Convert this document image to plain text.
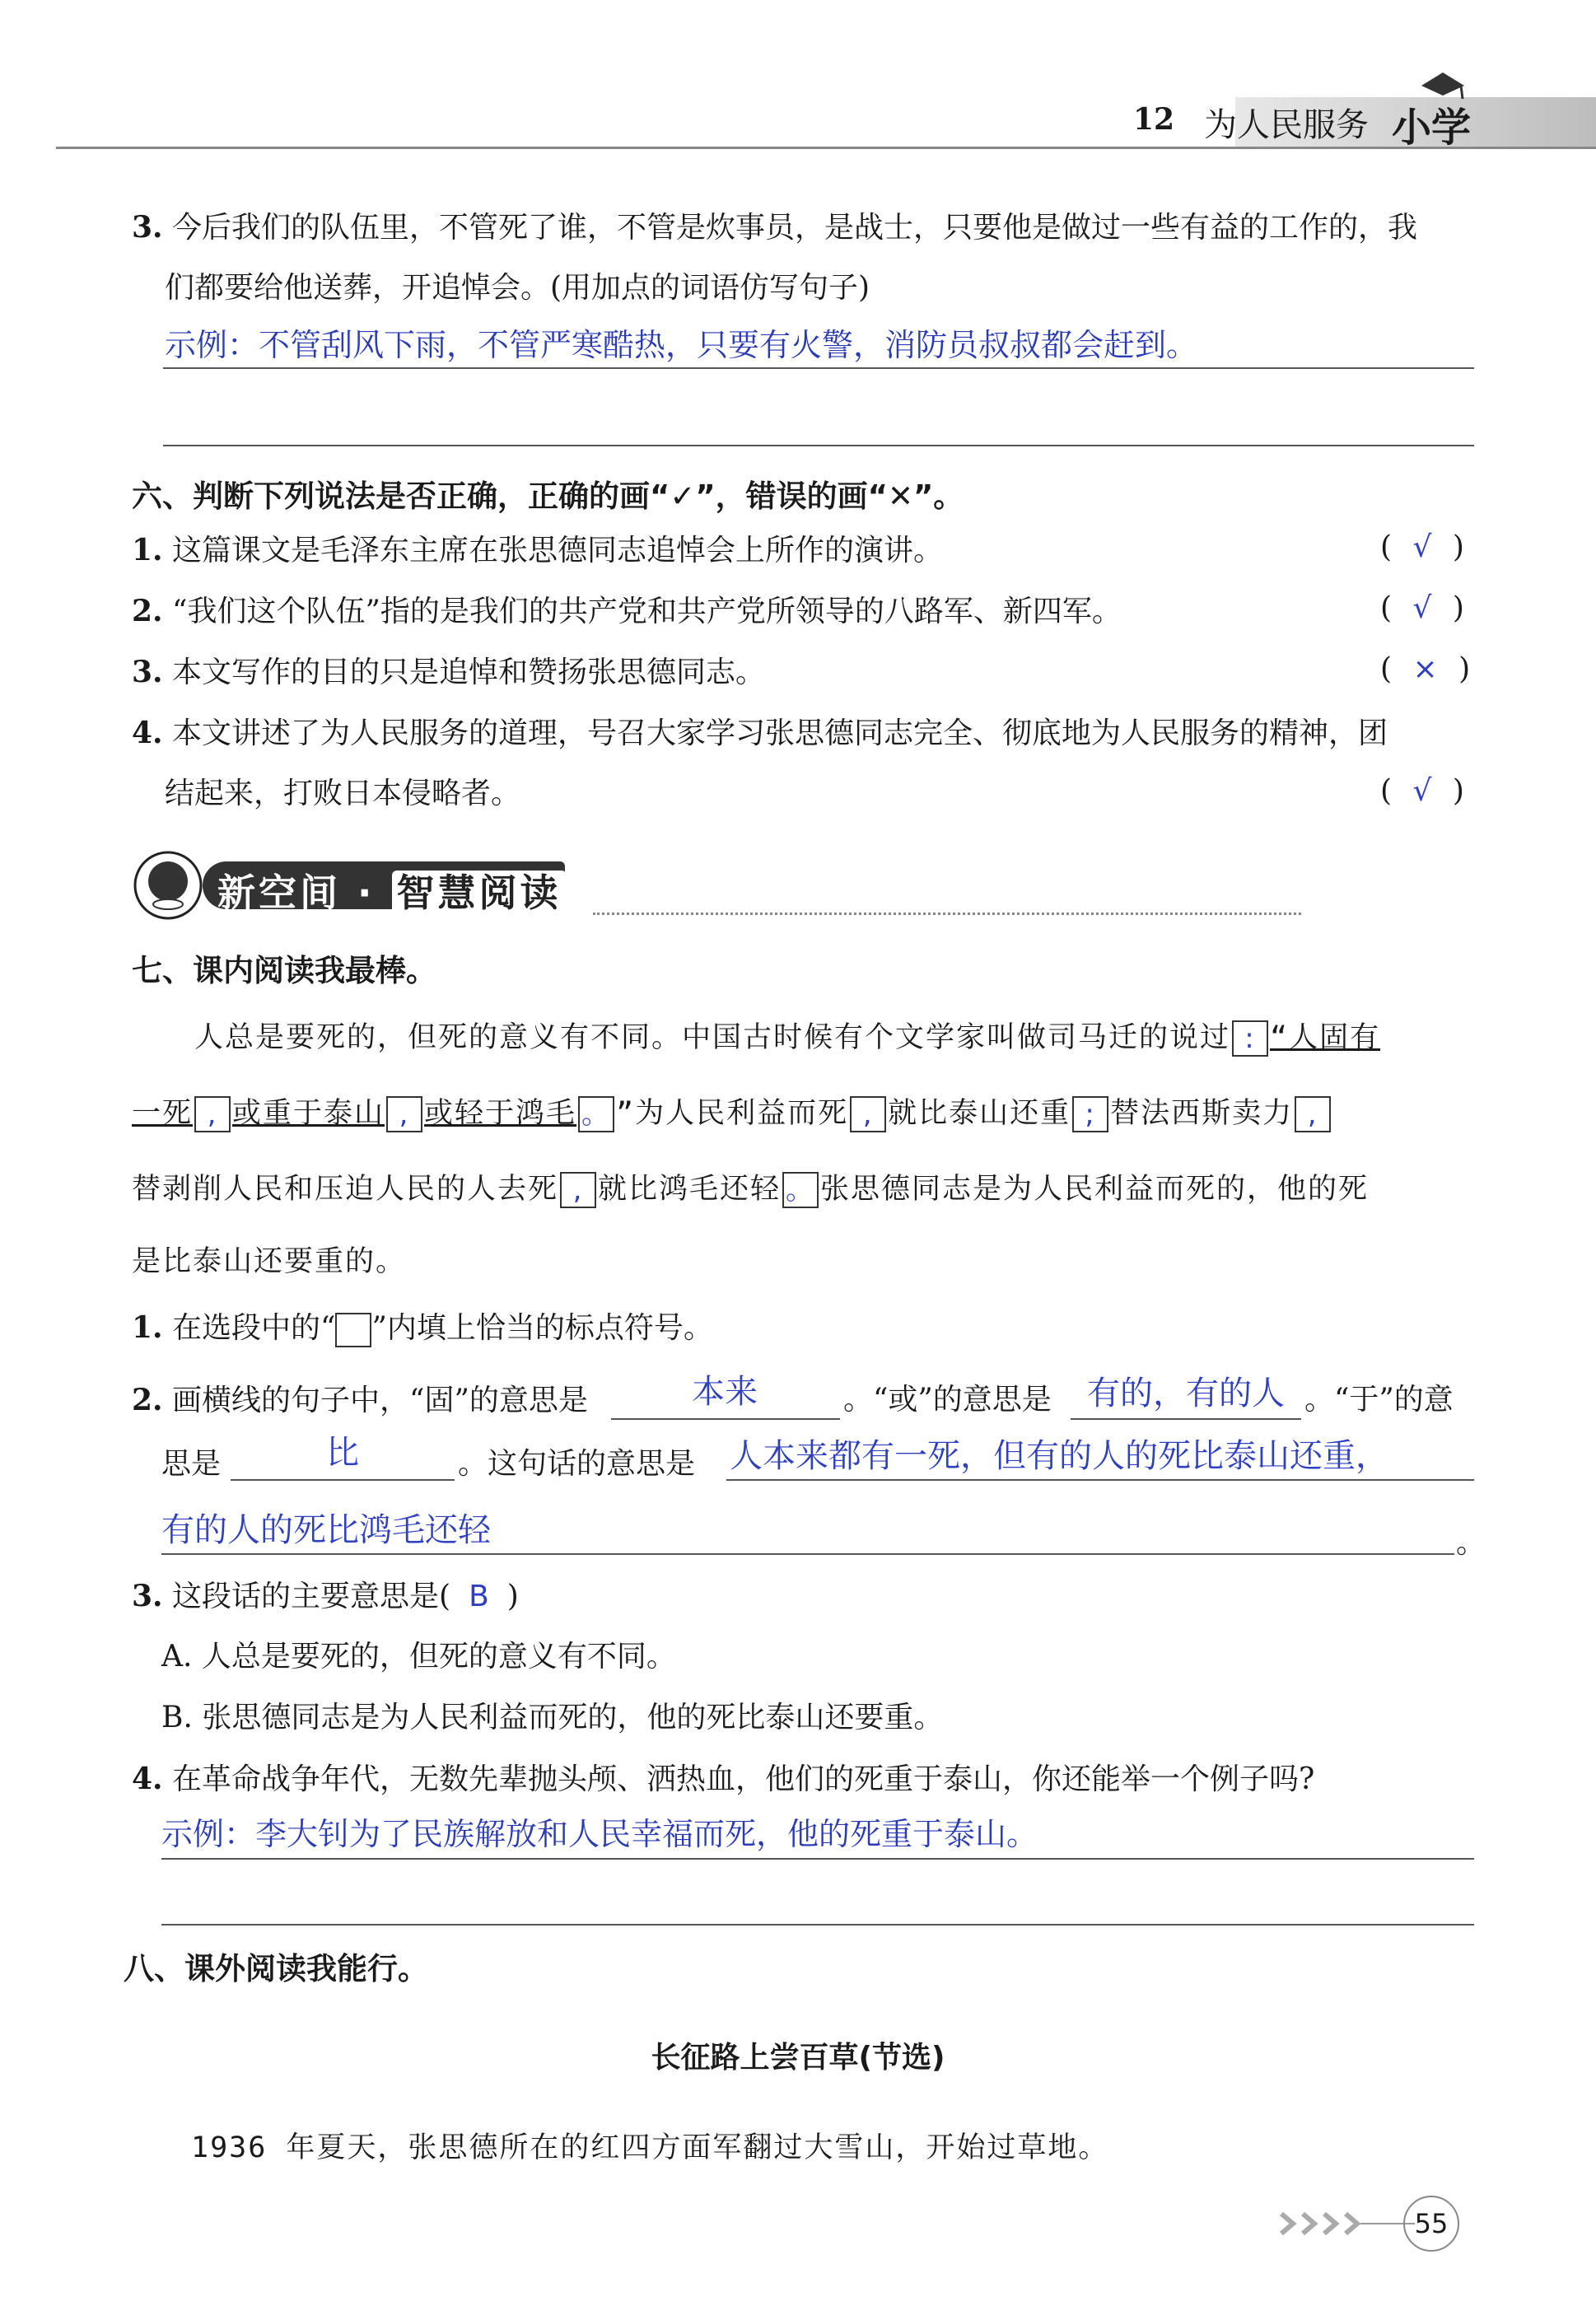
12 为人民服务 小学
3. 今后我们的队伍里，不管死了谁，不管是炊事员，是战士，只要他是做过一些有益的工作的，我
们都要给他送葬，开追悼会。(用加点的词语仿写句子)
示例：不管刮风下雨，不管严寒酷热，只要有火警，消防员叔叔都会赶到。
六、判断下列说法是否正确，正确的画“✓”，错误的画“✕”。
1. 这篇课文是毛泽东主席在张思德同志追悼会上所作的演讲。	( √ )
2. “我们这个队伍”指的是我们的共产党和共产党所领导的八路军、新四军。	( √ )
3. 本文写作的目的只是追悼和赞扬张思德同志。	( × )
4. 本文讲述了为人民服务的道理，号召大家学习张思德同志完全、彻底地为人民服务的精神，团
结起来，打败日本侵略者。	( √ )
新空间 · 智慧阅读
七、课内阅读我最棒。
人总是要死的，但死的意义有不同。中国古时候有个文学家叫做司马迁的说过 : “人固有
一死 , 或重于泰山 , 或轻于鸿毛 。 ”为人民利益而死 , 就比泰山还重 ; 替法西斯卖力 ,
替剥削人民和压迫人民的人去死 , 就比鸿毛还轻 。 张思德同志是为人民利益而死的，他的死
是比泰山还要重的。
1. 在选段中的“ ”内填上恰当的标点符号。
2. 画横线的句子中，“固”的意思是	本来	。“或”的意思是 有的，有的人 。“于”的意
思是	比	。这句话的意思是 人本来都有一死，但有的人的死比泰山还重，
有的人的死比鸿毛还轻	。
3. 这段话的主要意思是( B )
A. 人总是要死的，但死的意义有不同。
B. 张思德同志是为人民利益而死的，他的死比泰山还要重。
4. 在革命战争年代，无数先辈抛头颅、洒热血，他们的死重于泰山，你还能举一个例子吗?
示例：李大钊为了民族解放和人民幸福而死，他的死重于泰山。
八、课外阅读我能行。
长征路上尝百草(节选)
1936 年夏天，张思德所在的红四方面军翻过大雪山，开始过草地。
55
